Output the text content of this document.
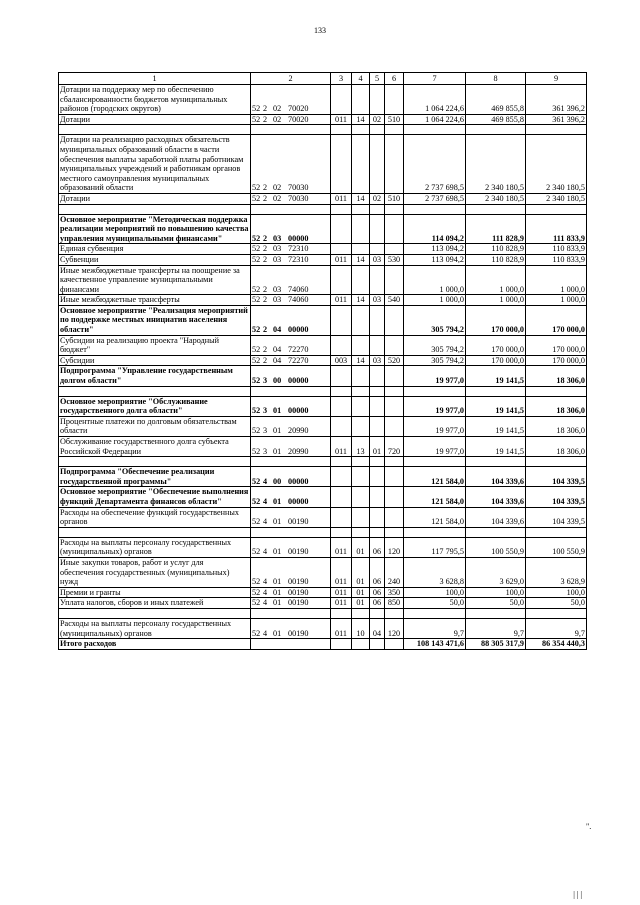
133
1	2	3	4	5	6	7	8	9
Дотации на поддержку мер по обеспечению сбалансированности бюджетов муниципальных районов (городских округов)	52 2 02 70020					1 064 224,6	469 855,8	361 396,2
Дотации	52 2 02 70020	011	14	02	510	1 064 224,6	469 855,8	361 396,2

Дотации на реализацию расходных обязательств муниципальных образований области в части обеспечения выплаты заработной платы работникам муниципальных учреждений и работникам органов местного самоуправления муниципальных образований области	52 2 02 70030					2 737 698,5	2 340 180,5	2 340 180,5
Дотации	52 2 02 70030	011	14	02	510	2 737 698,5	2 340 180,5	2 340 180,5

Основное мероприятие "Методическая поддержка реализации мероприятий по повышению качества управления муниципальными финансами"	52 2 03 00000					114 094,2	111 828,9	111 833,9
Единая субвенция	52 2 03 72310					113 094,2	110 828,9	110 833,9
Субвенции	52 2 03 72310	011	14	03	530	113 094,2	110 828,9	110 833,9
Иные межбюджетные трансферты на поощрение за качественное управление муниципальными финансами	52 2 03 74060					1 000,0	1 000,0	1 000,0
Иные межбюджетные трансферты	52 2 03 74060	011	14	03	540	1 000,0	1 000,0	1 000,0
Основное мероприятие "Реализация мероприятий по поддержке местных инициатив населения области"	52 2 04 00000					305 794,2	170 000,0	170 000,0
Субсидии на реализацию проекта "Народный бюджет"	52 2 04 72270					305 794,2	170 000,0	170 000,0
Субсидии	52 2 04 72270	003	14	03	520	305 794,2	170 000,0	170 000,0
Подпрограмма "Управление государственным долгом области"	52 3 00 00000					19 977,0	19 141,5	18 306,0

Основное мероприятие "Обслуживание государственного долга области"	52 3 01 00000					19 977,0	19 141,5	18 306,0
Процентные платежи по долговым обязательствам области	52 3 01 20990					19 977,0	19 141,5	18 306,0
Обслуживание государственного долга субъекта Российской Федерации	52 3 01 20990	011	13	01	720	19 977,0	19 141,5	18 306,0

Подпрограмма "Обеспечение реализации государственной программы"	52 4 00 00000					121 584,0	104 339,6	104 339,5
Основное мероприятие "Обеспечение выполнения функций Департамента финансов области"	52 4 01 00000					121 584,0	104 339,6	104 339,5
Расходы на обеспечение функций государственных органов	52 4 01 00190					121 584,0	104 339,6	104 339,5

Расходы на выплаты персоналу государственных (муниципальных) органов	52 4 01 00190	011	01	06	120	117 795,5	100 550,9	100 550,9
Иные закупки товаров, работ и услуг для обеспечения государственных (муниципальных) нужд	52 4 01 00190	011	01	06	240	3 628,8	3 629,0	3 628,9
Премии и гранты	52 4 01 00190	011	01	06	350	100,0	100,0	100,0
Уплата налогов, сборов и иных платежей	52 4 01 00190	011	01	06	850	50,0	50,0	50,0

Расходы на выплаты персоналу государственных (муниципальных) органов	52 4 01 00190	011	10	04	120	9,7	9,7	9,7
Итого расходов						108 143 471,6	88 305 317,9	86 354 440,3
".
| | |
